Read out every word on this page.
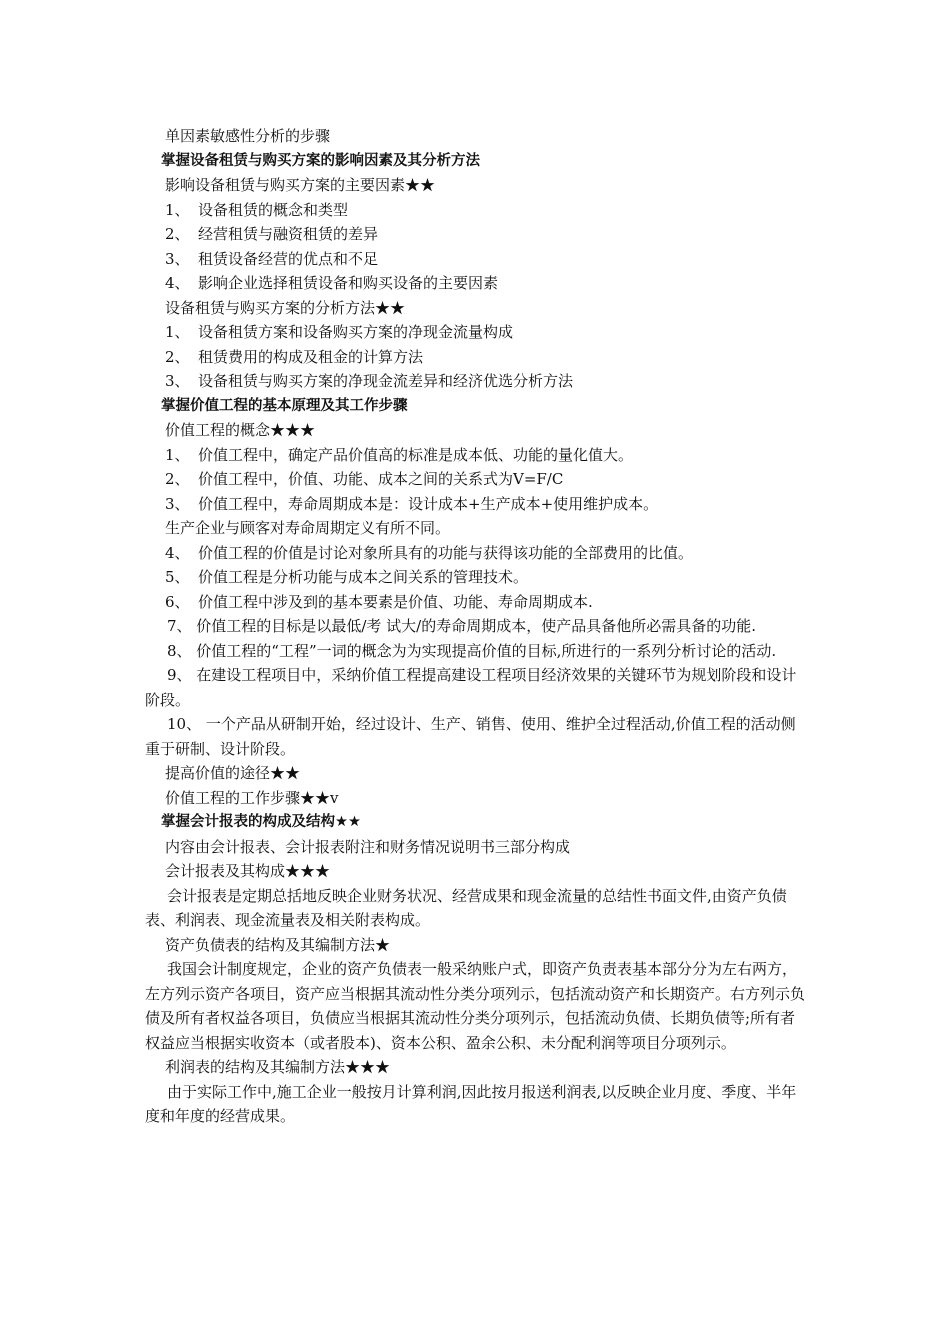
单因素敏感性分析的步骤

掌握设备租赁与购买方案的影响因素及其分析方法

影响设备租赁与购买方案的主要因素★★

1、 设备租赁的概念和类型

2、 经营租赁与融资租赁的差异

3、 租赁设备经营的优点和不足

4、 影响企业选择租赁设备和购买设备的主要因素

设备租赁与购买方案的分析方法★★

1、 设备租赁方案和设备购买方案的净现金流量构成

2、 租赁费用的构成及租金的计算方法

3、 设备租赁与购买方案的净现金流差异和经济优选分析方法

掌握价值工程的基本原理及其工作步骤

价值工程的概念★★★

1、 价值工程中，确定产品价值高的标准是成本低、功能的量化值大。

2、 价值工程中，价值、功能、成本之间的关系式为V=F/C

3、 价值工程中，寿命周期成本是：设计成本+生产成本+使用维护成本。

生产企业与顾客对寿命周期定义有所不同。

4、 价值工程的价值是讨论对象所具有的功能与获得该功能的全部费用的比值。

5、 价值工程是分析功能与成本之间关系的管理技术。

6、 价值工程中涉及到的基本要素是价值、功能、寿命周期成本.

7、 价值工程的目标是以最低/考 试大/的寿命周期成本，使产品具备他所必需具备的功能.

8、 价值工程的“工程”一词的概念为为实现提高价值的目标,所进行的一系列分析讨论的活动.

9、 在建设工程项目中，采纳价值工程提高建设工程项目经济效果的关键环节为规划阶段和设计阶段。

10、 一个产品从研制开始，经过设计、生产、销售、使用、维护全过程活动,价值工程的活动侧重于研制、设计阶段。

提高价值的途径★★

价值工程的工作步骤★★v

掌握会计报表的构成及结构★★

内容由会计报表、会计报表附注和财务情况说明书三部分构成

会计报表及其构成★★★

会计报表是定期总括地反映企业财务状况、经营成果和现金流量的总结性书面文件,由资产负债表、利润表、现金流量表及相关附表构成。

资产负债表的结构及其编制方法★

我国会计制度规定，企业的资产负债表一般采纳账户式，即资产负责表基本部分分为左右两方，左方列示资产各项目，资产应当根据其流动性分类分项列示，包括流动资产和长期资产。右方列示负债及所有者权益各项目，负债应当根据其流动性分类分项列示，包括流动负债、长期负债等;所有者权益应当根据实收资本（或者股本)、资本公积、盈余公积、未分配利润等项目分项列示。

利润表的结构及其编制方法★★★

由于实际工作中,施工企业一般按月计算利润,因此按月报送利润表,以反映企业月度、季度、半年度和年度的经营成果。
